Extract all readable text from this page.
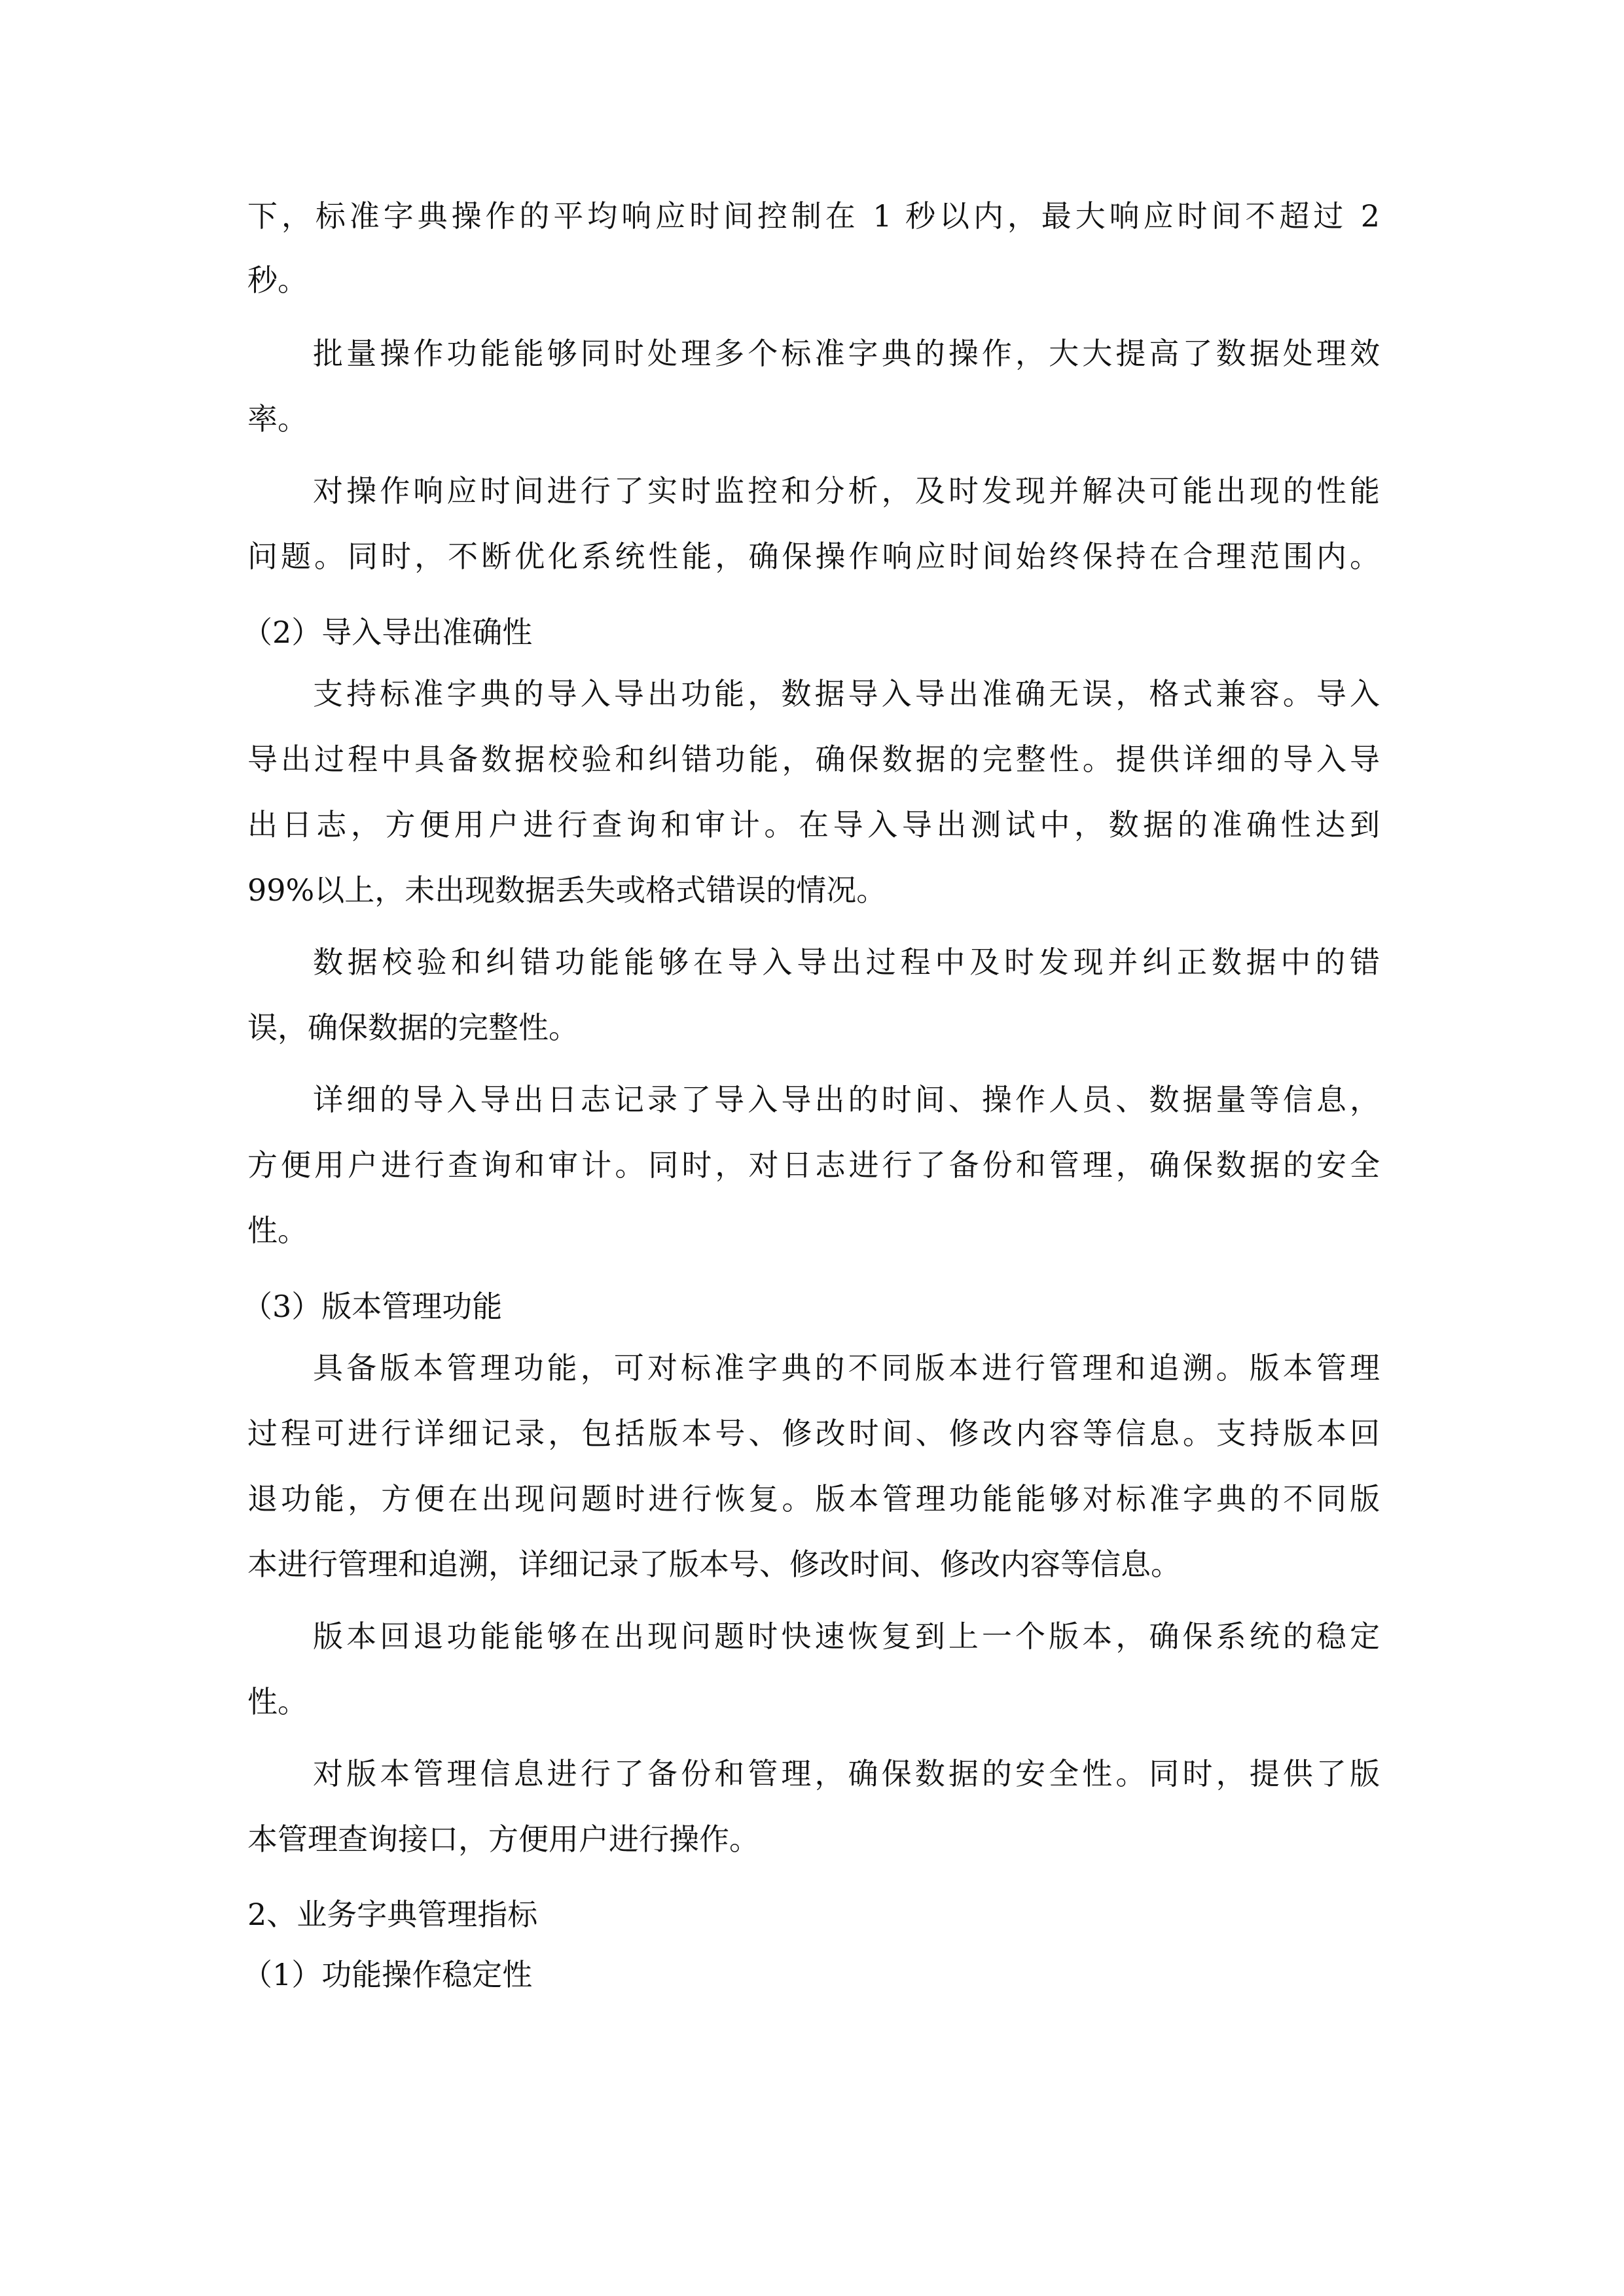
下，标准字典操作的平均响应时间控制在 1 秒以内，最大响应时间不超过 2
秒。
批量操作功能能够同时处理多个标准字典的操作，大大提高了数据处理效
率。
对操作响应时间进行了实时监控和分析，及时发现并解决可能出现的性能
问题。同时，不断优化系统性能，确保操作响应时间始终保持在合理范围内。
（2）导入导出准确性
支持标准字典的导入导出功能，数据导入导出准确无误，格式兼容。导入
导出过程中具备数据校验和纠错功能，确保数据的完整性。提供详细的导入导
出日志，方便用户进行查询和审计。在导入导出测试中，数据的准确性达到
99%以上，未出现数据丢失或格式错误的情况。
数据校验和纠错功能能够在导入导出过程中及时发现并纠正数据中的错
误，确保数据的完整性。
详细的导入导出日志记录了导入导出的时间、操作人员、数据量等信息，
方便用户进行查询和审计。同时，对日志进行了备份和管理，确保数据的安全
性。
（3）版本管理功能
具备版本管理功能，可对标准字典的不同版本进行管理和追溯。版本管理
过程可进行详细记录，包括版本号、修改时间、修改内容等信息。支持版本回
退功能，方便在出现问题时进行恢复。版本管理功能能够对标准字典的不同版
本进行管理和追溯，详细记录了版本号、修改时间、修改内容等信息。
版本回退功能能够在出现问题时快速恢复到上一个版本，确保系统的稳定
性。
对版本管理信息进行了备份和管理，确保数据的安全性。同时，提供了版
本管理查询接口，方便用户进行操作。
2、业务字典管理指标
（1）功能操作稳定性
